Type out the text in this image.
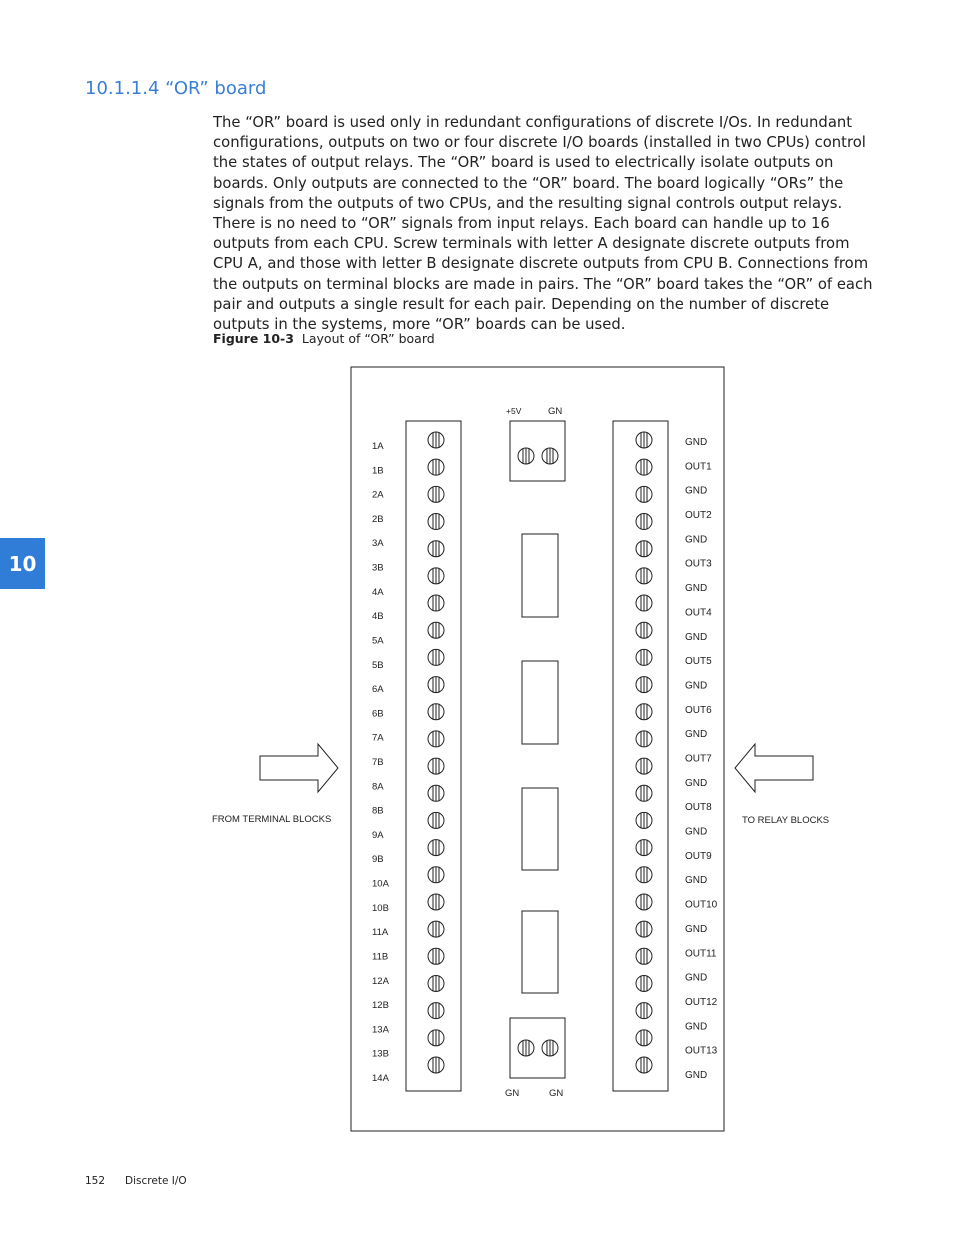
10.1.1.4 “OR” board

The “OR” board is used only in redundant configurations of discrete I/Os. In redundant configurations, outputs on two or four discrete I/O boards (installed in two CPUs) control the states of output relays. The “OR” board is used to electrically isolate outputs on boards. Only outputs are connected to the “OR” board. The board logically “ORs” the signals from the outputs of two CPUs, and the resulting signal controls output relays. There is no need to “OR” signals from input relays. Each board can handle up to 16 outputs from each CPU. Screw terminals with letter A designate discrete outputs from CPU A, and those with letter B designate discrete outputs from CPU B. Connections from the outputs on terminal blocks are made in pairs. The “OR” board takes the “OR” of each pair and outputs a single result for each pair. Depending on the number of discrete outputs in the systems, more “OR” boards can be used.

Figure 10-3 Layout of “OR” board
10
+5V	GN
GN	GN
1A
1B
2A
2B
3A
3B
4A
4B
5A
5B
6A
6B
7A
7B
8A
8B
9A
9B
10A
10B
11A
11B
12A
12B
13A
13B
14A
GND
OUT1
GND
OUT2
GND
OUT3
GND
OUT4
GND
OUT5
GND
OUT6
GND
OUT7
GND
OUT8
GND
OUT9
GND
OUT10
GND
OUT11
GND
OUT12
GND
OUT13
GND
FROM TERMINAL BLOCKS	TO RELAY BLOCKS
152 Discrete I/O
